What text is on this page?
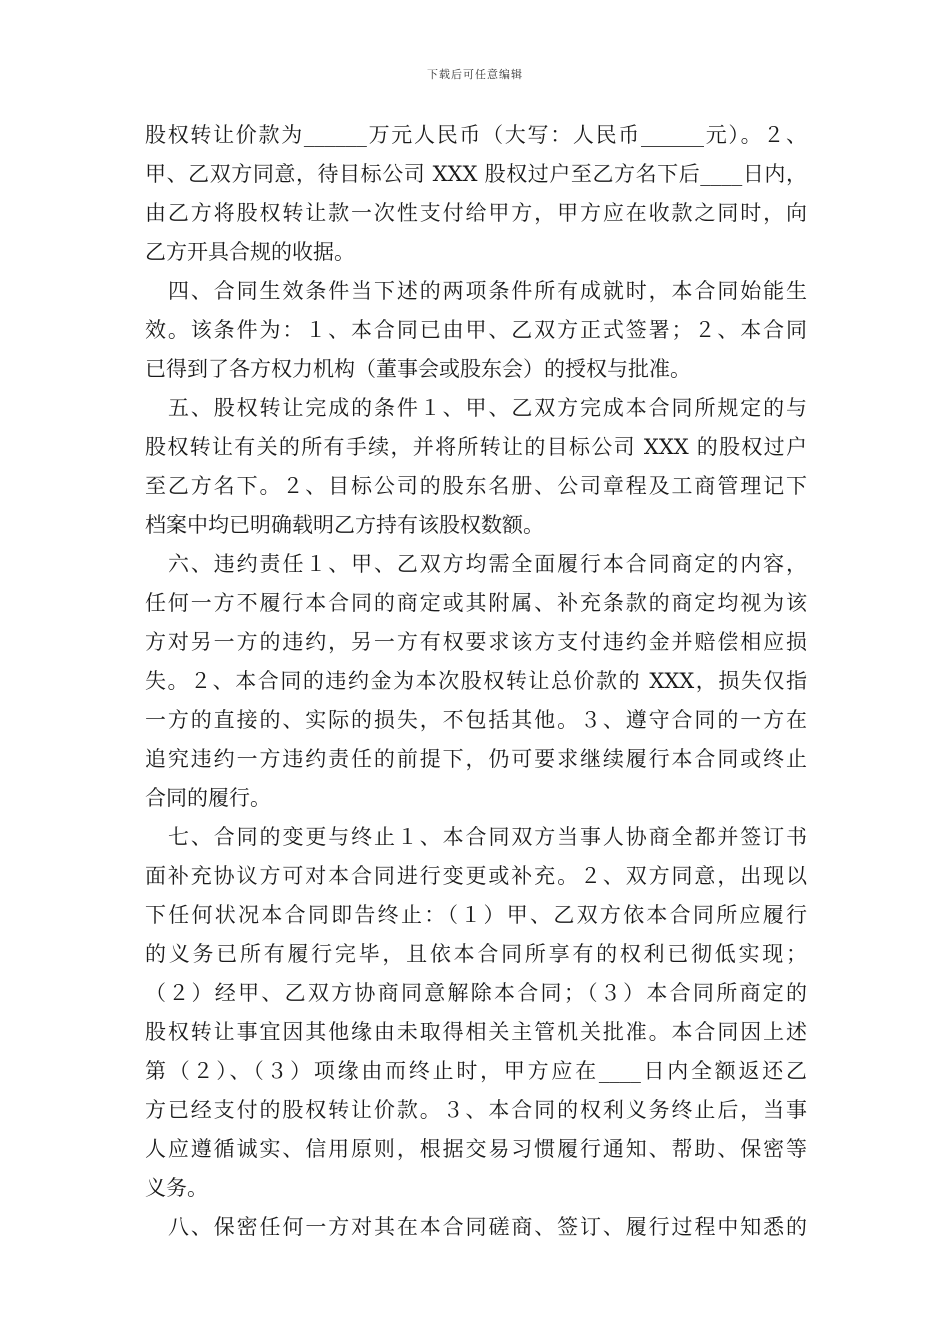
下载后可任意编辑
股权转让价款为______万元人民币（大写：人民币______元）。２、
甲、乙双方同意，待目标公司 XXX 股权过户至乙方名下后____日内，
由乙方将股权转让款一次性支付给甲方，甲方应在收款之同时，向
乙方开具合规的收据。
四、合同生效条件当下述的两项条件所有成就时，本合同始能生
效。该条件为：１、本合同已由甲、乙双方正式签署；２、本合同
已得到了各方权力机构（董事会或股东会）的授权与批准。
五、股权转让完成的条件１、甲、乙双方完成本合同所规定的与
股权转让有关的所有手续，并将所转让的目标公司 XXX 的股权过户
至乙方名下。２、目标公司的股东名册、公司章程及工商管理记下
档案中均已明确载明乙方持有该股权数额。
六、违约责任１、甲、乙双方均需全面履行本合同商定的内容，
任何一方不履行本合同的商定或其附属、补充条款的商定均视为该
方对另一方的违约，另一方有权要求该方支付违约金并赔偿相应损
失。２、本合同的违约金为本次股权转让总价款的 XXX，损失仅指
一方的直接的、实际的损失，不包括其他。３、遵守合同的一方在
追究违约一方违约责任的前提下，仍可要求继续履行本合同或终止
合同的履行。
七、合同的变更与终止１、本合同双方当事人协商全都并签订书
面补充协议方可对本合同进行变更或补充。２、双方同意，出现以
下任何状况本合同即告终止：（１）甲、乙双方依本合同所应履行
的义务已所有履行完毕，且依本合同所享有的权利已彻低实现；
（２）经甲、乙双方协商同意解除本合同；（３）本合同所商定的
股权转让事宜因其他缘由未取得相关主管机关批准。本合同因上述
第（２）、（３）项缘由而终止时，甲方应在____日内全额返还乙
方已经支付的股权转让价款。３、本合同的权利义务终止后，当事
人应遵循诚实、信用原则，根据交易习惯履行通知、帮助、保密等
义务。
八、保密任何一方对其在本合同磋商、签订、履行过程中知悉的
